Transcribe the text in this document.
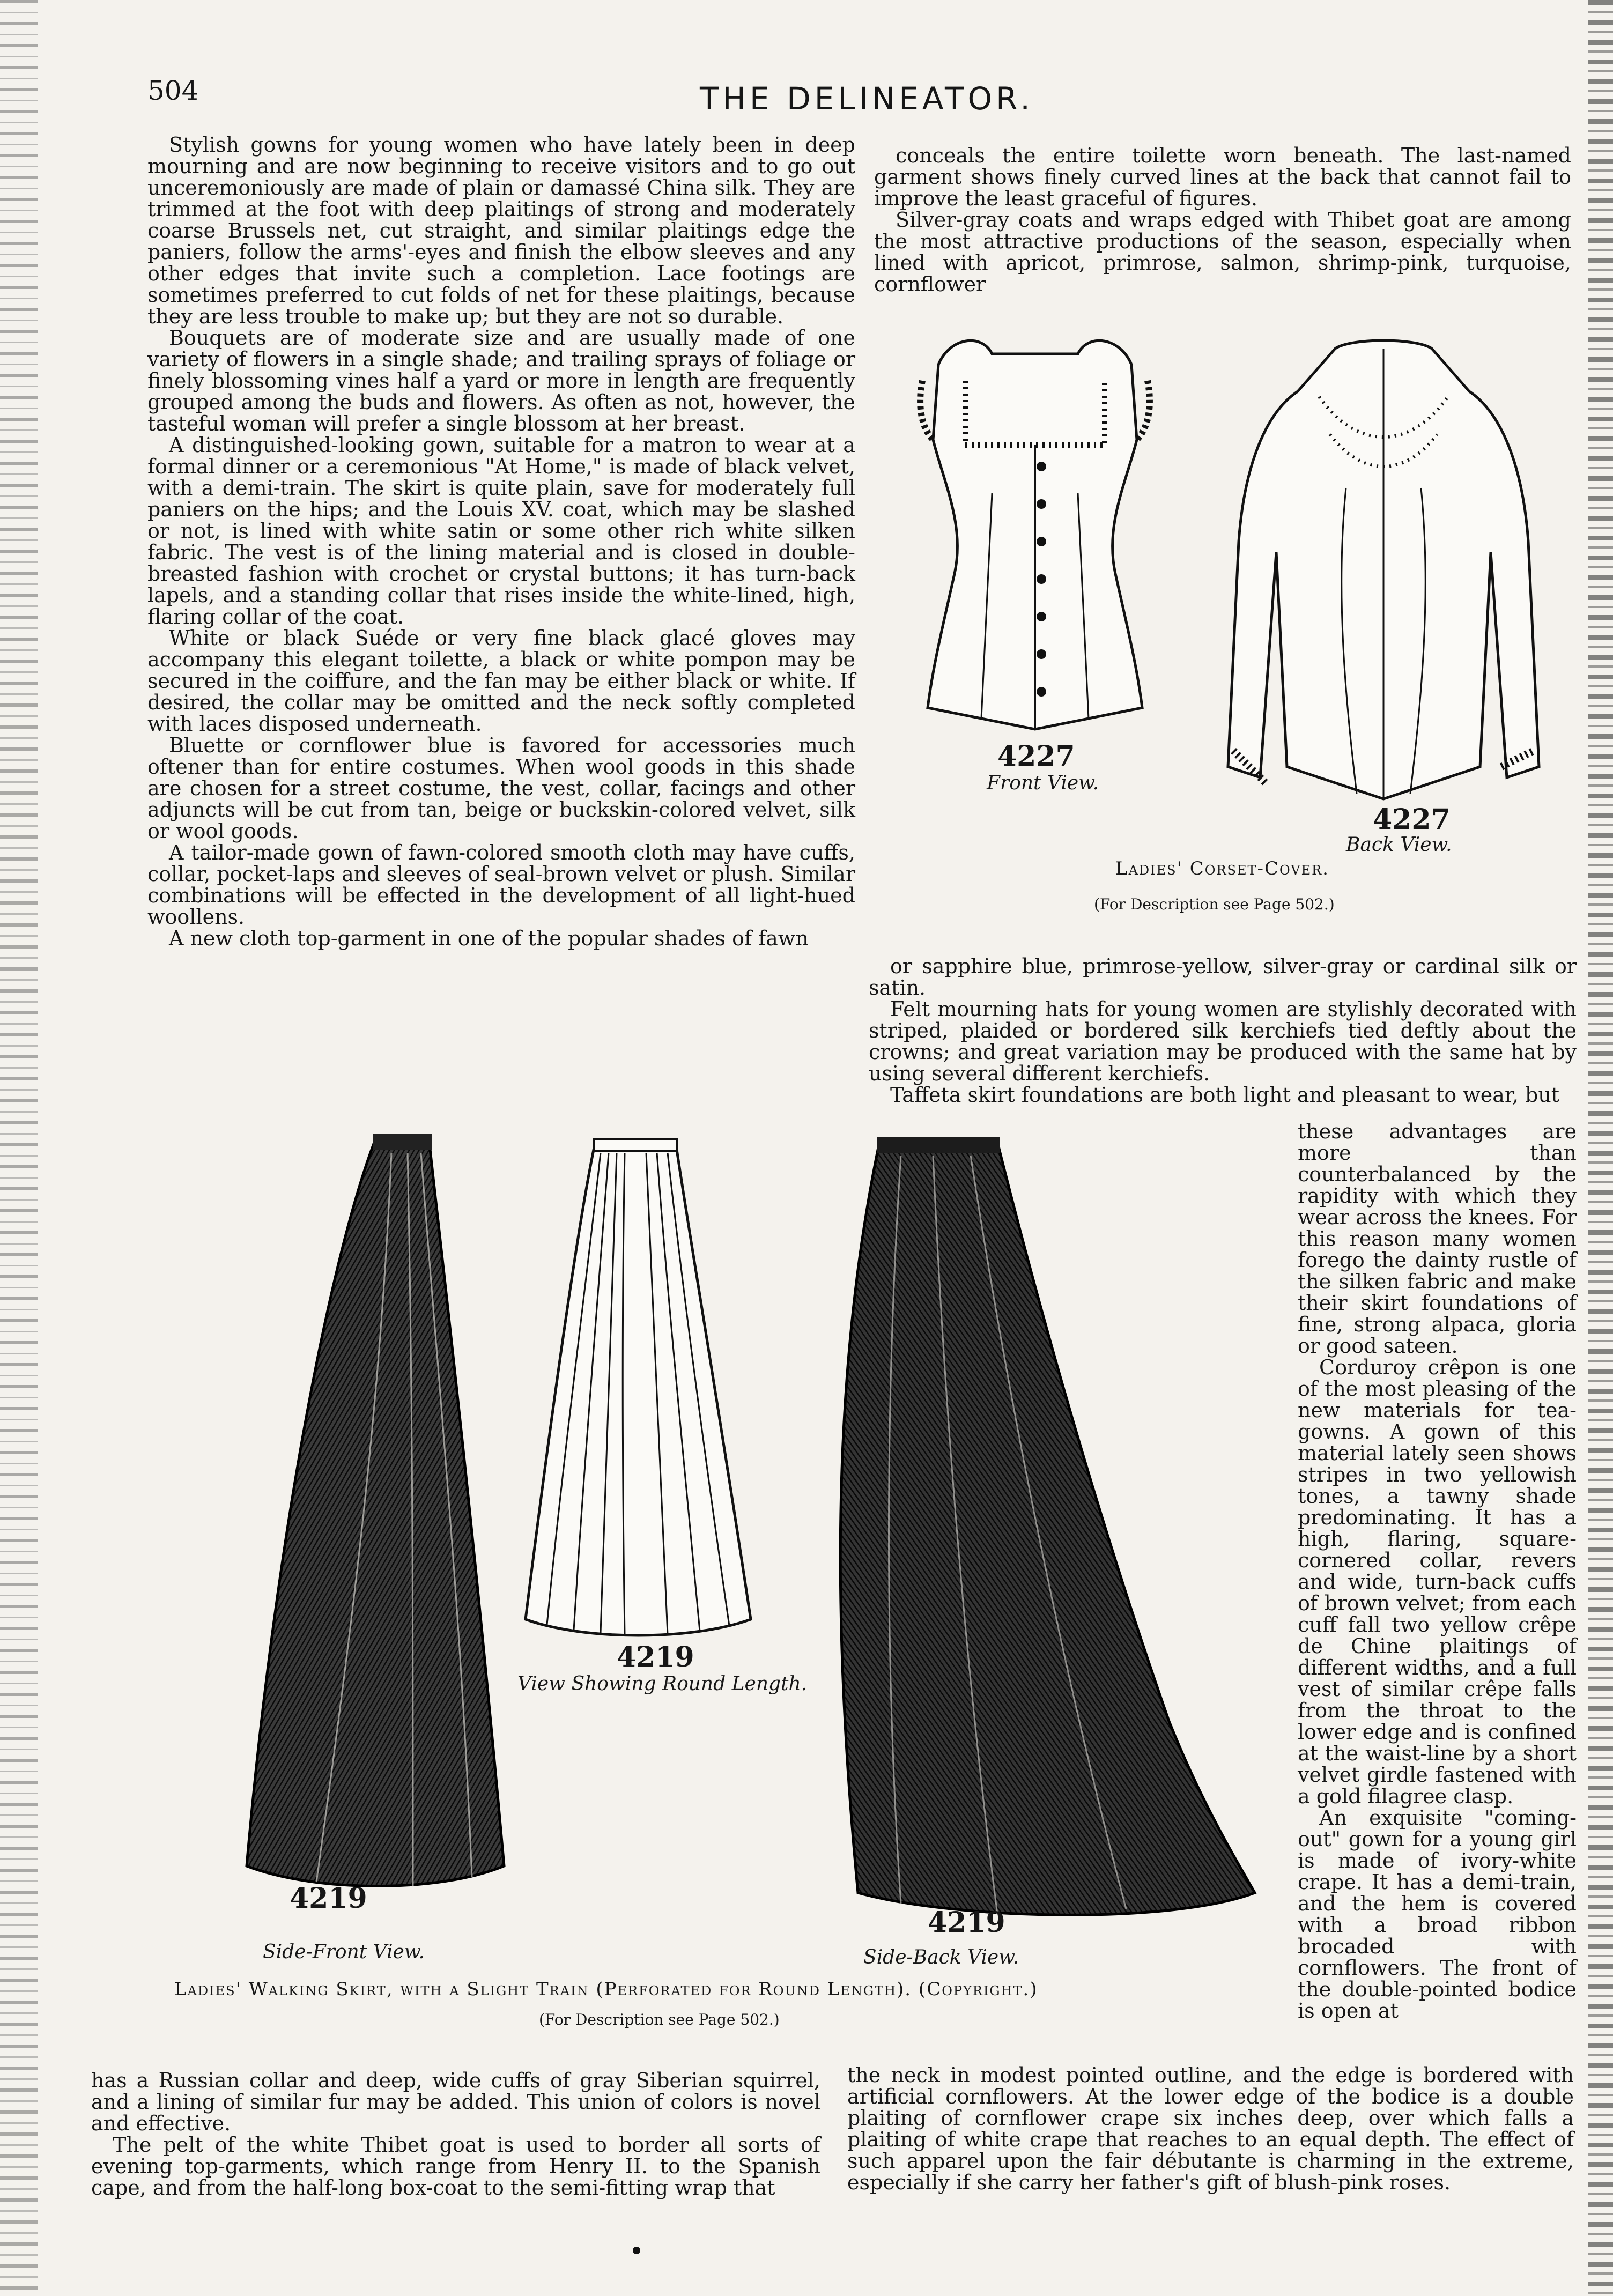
504	THE DELINEATOR.

Stylish gowns for young women who have lately been in deep mourning and are now beginning to receive visitors and to go out unceremoniously are made of plain or damassé China silk. They are trimmed at the foot with deep plaitings of strong and moderately coarse Brussels net, cut straight, and similar plaitings edge the paniers, follow the arms'-eyes and finish the elbow sleeves and any other edges that invite such a completion. Lace footings are sometimes preferred to cut folds of net for these plaitings, because they are less trouble to make up; but they are not so durable.

Bouquets are of moderate size and are usually made of one variety of flowers in a single shade; and trailing sprays of foliage or finely blossoming vines half a yard or more in length are frequently grouped among the buds and flowers. As often as not, however, the tasteful woman will prefer a single blossom at her breast.

A distinguished-looking gown, suitable for a matron to wear at a formal dinner or a ceremonious "At Home," is made of black velvet, with a demi-train. The skirt is quite plain, save for moderately full paniers on the hips; and the Louis XV. coat, which may be slashed or not, is lined with white satin or some other rich white silken fabric. The vest is of the lining material and is closed in double-breasted fashion with crochet or crystal buttons; it has turn-back lapels, and a standing collar that rises inside the white-lined, high, flaring collar of the coat.

White or black Suéde or very fine black glacé gloves may accompany this elegant toilette, a black or white pompon may be secured in the coiffure, and the fan may be either black or white. If desired, the collar may be omitted and the neck softly completed with laces disposed underneath.

Bluette or cornflower blue is favored for accessories much oftener than for entire costumes. When wool goods in this shade are chosen for a street costume, the vest, collar, facings and other adjuncts will be cut from tan, beige or buckskin-colored velvet, silk or wool goods.

A tailor-made gown of fawn-colored smooth cloth may have cuffs, collar, pocket-laps and sleeves of seal-brown velvet or plush. Similar combinations will be effected in the development of all light-hued woollens.

A new cloth top-garment in one of the popular shades of fawn

conceals the entire toilette worn beneath. The last-named garment shows finely curved lines at the back that cannot fail to improve the least graceful of figures.

Silver-gray coats and wraps edged with Thibet goat are among the most attractive productions of the season, especially when lined with apricot, primrose, salmon, shrimp-pink, turquoise, cornflower

4227
Front View.
4227
Back View.
Ladies' Corset-Cover.
(For Description see Page 502.)

or sapphire blue, primrose-yellow, silver-gray or cardinal silk or satin.

Felt mourning hats for young women are stylishly decorated with striped, plaided or bordered silk kerchiefs tied deftly about the crowns; and great variation may be produced with the same hat by using several different kerchiefs.

Taffeta skirt foundations are both light and pleasant to wear, but

these advantages are more than counterbalanced by the rapidity with which they wear across the knees. For this reason many women forego the dainty rustle of the silken fabric and make their skirt foundations of fine, strong alpaca, gloria or good sateen.

Corduroy crêpon is one of the most pleasing of the new materials for tea-gowns. A gown of this material lately seen shows stripes in two yellowish tones, a tawny shade predominating. It has a high, flaring, square-cornered collar, revers and wide, turn-back cuffs of brown velvet; from each cuff fall two yellow crêpe de Chine plaitings of different widths, and a full vest of similar crêpe falls from the throat to the lower edge and is confined at the waist-line by a short velvet girdle fastened with a gold filagree clasp.

An exquisite "coming-out" gown for a young girl is made of ivory-white crape. It has a demi-train, and the hem is covered with a broad ribbon brocaded with cornflowers. The front of the double-pointed bodice is open at

4219
Side-Front View.
4219
View Showing Round Length.
4219
Side-Back View.
Ladies' Walking Skirt, with a Slight Train (Perforated for Round Length). (Copyright.)
(For Description see Page 502.)

has a Russian collar and deep, wide cuffs of gray Siberian squirrel, and a lining of similar fur may be added. This union of colors is novel and effective.

The pelt of the white Thibet goat is used to border all sorts of evening top-garments, which range from Henry II. to the Spanish cape, and from the half-long box-coat to the semi-fitting wrap that

the neck in modest pointed outline, and the edge is bordered with artificial cornflowers. At the lower edge of the bodice is a double plaiting of cornflower crape six inches deep, over which falls a plaiting of white crape that reaches to an equal depth. The effect of such apparel upon the fair débutante is charming in the extreme, especially if she carry her father's gift of blush-pink roses.
